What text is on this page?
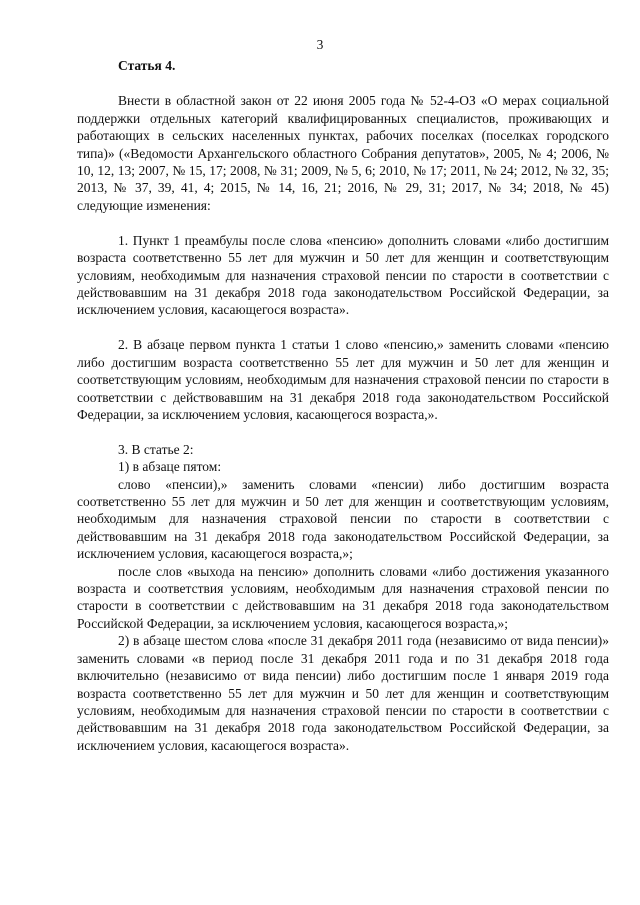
3
Статья 4.

Внести в областной закон от 22 июня 2005 года № 52-4-ОЗ «О мерах социальной поддержки отдельных категорий квалифицированных специалистов, проживающих и работающих в сельских населенных пунктах, рабочих поселках (поселках городского типа)» («Ведомости Архангельского областного Собрания депутатов», 2005, № 4; 2006, № 10, 12, 13; 2007, № 15, 17; 2008, № 31; 2009, № 5, 6; 2010, № 17; 2011, № 24; 2012, № 32, 35; 2013, № 37, 39, 41, 4; 2015, № 14, 16, 21; 2016, № 29, 31; 2017, № 34; 2018, № 45) следующие изменения:

1. Пункт 1 преамбулы после слова «пенсию» дополнить словами «либо достигшим возраста соответственно 55 лет для мужчин и 50 лет для женщин и соответствующим условиям, необходимым для назначения страховой пенсии по старости в соответствии с действовавшим на 31 декабря 2018 года законодательством Российской Федерации, за исключением условия, касающегося возраста».

2. В абзаце первом пункта 1 статьи 1 слово «пенсию,» заменить словами «пенсию либо достигшим возраста соответственно 55 лет для мужчин и 50 лет для женщин и соответствующим условиям, необходимым для назначения страховой пенсии по старости в соответствии с действовавшим на 31 декабря 2018 года законодательством Российской Федерации, за исключением условия, касающегося возраста,».

3. В статье 2:

1) в абзаце пятом:

слово «пенсии),» заменить словами «пенсии) либо достигшим возраста соответственно 55 лет для мужчин и 50 лет для женщин и соответствующим условиям, необходимым для назначения страховой пенсии по старости в соответствии с действовавшим на 31 декабря 2018 года законодательством Российской Федерации, за исключением условия, касающегося возраста,»;

после слов «выхода на пенсию» дополнить словами «либо достижения указанного возраста и соответствия условиям, необходимым для назначения страховой пенсии по старости в соответствии с действовавшим на 31 декабря 2018 года законодательством Российской Федерации, за исключением условия, касающегося возраста,»;

2) в абзаце шестом слова «после 31 декабря 2011 года (независимо от вида пенсии)» заменить словами «в период после 31 декабря 2011 года и по 31 декабря 2018 года включительно (независимо от вида пенсии) либо достигшим после 1 января 2019 года возраста соответственно 55 лет для мужчин и 50 лет для женщин и соответствующим условиям, необходимым для назначения страховой пенсии по старости в соответствии с действовавшим на 31 декабря 2018 года законодательством Российской Федерации, за исключением условия, касающегося возраста».
